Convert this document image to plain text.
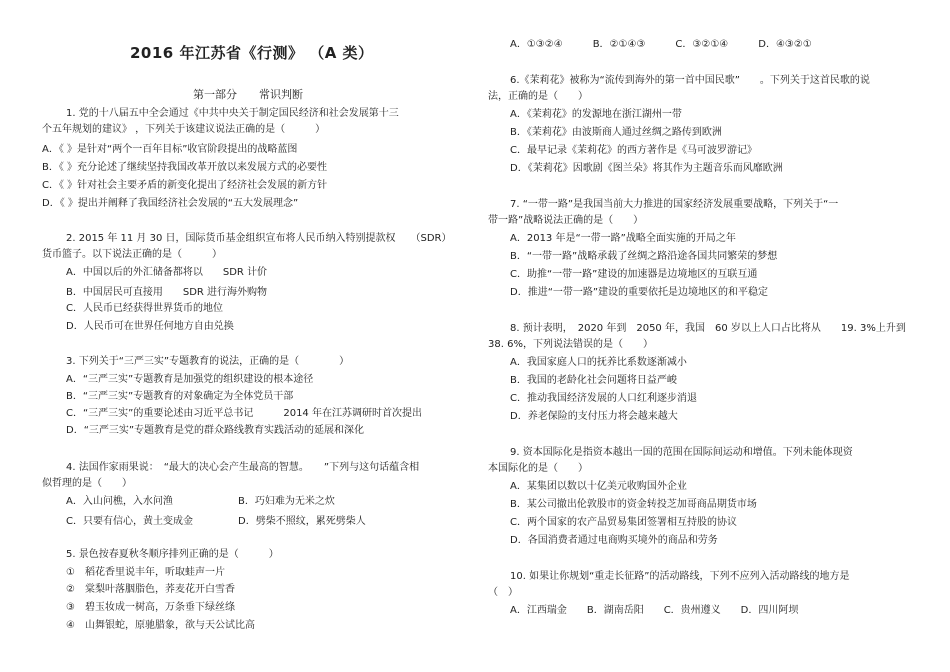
2016 年江苏省《行测》 （A 类）
第一部分　　常识判断
1. 党的十八届五中全会通过《中共中央关于制定国民经济和社会发展第十三
个五年规划的建议》 ，下列关于该建议说法正确的是（　　　）
A．《 》是针对“两个一百年目标”收官阶段提出的战略蓝图
B．《 》充分论述了继续坚持我国改革开放以来发展方式的必要性
C．《 》针对社会主要矛盾的新变化提出了经济社会发展的新方针
D．《 》提出并阐释了我国经济社会发展的“五大发展理念”
2. 2015 年 11 月 30 日，国际货币基金组织宣布将人民币纳入特别提款权　　（SDR）
货币篮子。以下说法正确的是（　　　）
A．中国以后的外汇储备都将以　　SDR 计价
B．中国居民可直接用　　SDR 进行海外购物
C．人民币已经获得世界货币的地位
D．人民币可在世界任何地方自由兑换
3. 下列关于“三严三实”专题教育的说法，正确的是（　　　　）
A．“三严三实”专题教育是加强党的组织建设的根本途径
B．“三严三实”专题教育的对象确定为全体党员干部
C．“三严三实”的重要论述由习近平总书记　　　2014 年在江苏调研时首次提出
D．“三严三实”专题教育是党的群众路线教育实践活动的延展和深化
4. 法国作家雨果说：　“最大的决心会产生最高的智慧。　　”下列与这句话蕴含相
似哲理的是（　　）
A．入山问樵，入水问渔	B．巧妇难为无米之炊
C．只要有信心，黄土变成金	D．劈柴不照纹，累死劈柴人
5. 景色按春夏秋冬顺序排列正确的是（　　　）
①　稻花香里说丰年，听取蛙声一片
②　棠梨叶落胭脂色，荞麦花开白雪香
③　碧玉妆成一树高，万条垂下绿丝绦
④　山舞银蛇，原驰腊象，欲与天公试比高
A．①③②④　　　B．②①④③　　　C．③②①④　　　D．④③②①
6.《茉莉花》被称为“流传到海外的第一首中国民歌”　　。下列关于这首民歌的说
法，正确的是（　　）
A．《茉莉花》的发源地在浙江湖州一带
B．《茉莉花》由波斯商人通过丝绸之路传到欧洲
C．最早记录《茉莉花》的西方著作是《马可波罗游记》
D．《茉莉花》因歌剧《图兰朵》将其作为主题音乐而风靡欧洲
7. “一带一路”是我国当前大力推进的国家经济发展重要战略，下列关于“一
带一路”战略说法正确的是（　　）
A．2013 年是“一带一路”战略全面实施的开局之年
B．“一带一路”战略承载了丝绸之路沿途各国共同繁荣的梦想
C．助推“一带一路”建设的加速器是边境地区的互联互通
D．推进“一带一路”建设的重要依托是边境地区的和平稳定
8. 预计表明，　2020 年到　2050 年，我国　60 岁以上人口占比将从　　19. 3%上升到
38. 6%，下列说法错误的是（　　）
A．我国家庭人口的抚养比系数逐渐减小
B．我国的老龄化社会问题将日益严峻
C．推动我国经济发展的人口红利逐步消退
D．养老保险的支付压力将会越来越大
9. 资本国际化是指资本越出一国的范围在国际间运动和增值。下列未能体现资
本国际化的是（　　）
A．某集团以数以十亿美元收购国外企业
B．某公司撤出伦敦股市的资金转投芝加哥商品期货市场
C．两个国家的农产品贸易集团签署相互持股的协议
D．各国消费者通过电商购买境外的商品和劳务
10. 如果让你规划“重走长征路”的活动路线，下列不应列入活动路线的地方是
（　）
A．江西瑞金　　B．湖南岳阳　　C．贵州遵义　　D．四川阿坝
